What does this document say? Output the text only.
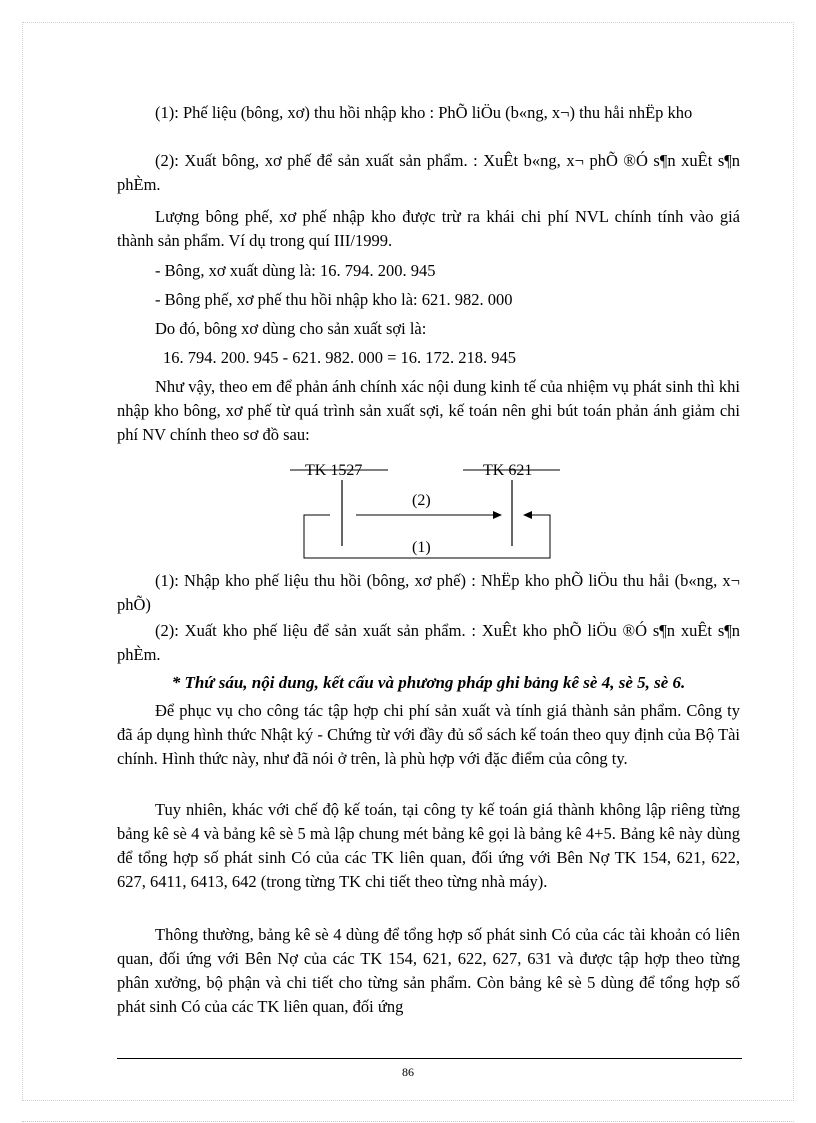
(1): Phế liệu (bông, xơ) thu hồi nhập kho : PhÕ liÖu (b«ng, x¬) thu håi nhËp kho
(2): Xuất bông, xơ phế để sản xuất sản phẩm. : XuÊt b«ng, x¬ phÕ ®Ó s¶n xuÊt s¶n phÈm.
Lượng bông phế, xơ phế nhập kho được trừ ra khái chi phí NVL chính tính vào giá thành sản phẩm. Ví dụ trong quí III/1999.
- Bông, xơ xuất dùng là: 16. 794. 200. 945
- Bông phế, xơ phế thu hồi nhập kho là: 621. 982. 000
Do đó, bông xơ dùng cho sản xuất sợi là:
16. 794. 200. 945 - 621. 982. 000 = 16. 172. 218. 945
Như vậy, theo em để phản ánh chính xác nội dung kinh tế của nhiệm vụ phát sinh thì khi nhập kho bông, xơ phế từ quá trình sản xuất sợi, kế toán nên ghi bút toán phản ánh giảm chi phí NV chính theo sơ đồ sau:
TK 1527	TK 621
(2)
(1)
(1): Nhập kho phế liệu thu hồi (bông, xơ phế) : NhËp kho phÕ liÖu thu håi (b«ng, x¬ phÕ)
(2): Xuất kho phế liệu để sản xuất sản phẩm. : XuÊt kho phÕ liÖu ®Ó s¶n xuÊt s¶n phÈm.
* Thứ sáu, nội dung, kết cấu và phương pháp ghi bảng kê sè 4, sè 5, sè 6.
Để phục vụ cho công tác tập hợp chi phí sản xuất và tính giá thành sản phẩm. Công ty đã áp dụng hình thức Nhật ký - Chứng từ với đầy đủ sổ sách kế toán theo quy định của Bộ Tài chính. Hình thức này, như đã nói ở trên, là phù hợp với đặc điểm của công ty.
Tuy nhiên, khác với chế độ kế toán, tại công ty kế toán giá thành không lập riêng từng bảng kê sè 4 và bảng kê sè 5 mà lập chung mét bảng kê gọi là bảng kê 4+5. Bảng kê này dùng để tổng hợp số phát sinh Có của các TK liên quan, đối ứng với Bên Nợ TK 154, 621, 622, 627, 6411, 6413, 642 (trong từng TK chi tiết theo từng nhà máy).
Thông thường, bảng kê sè 4 dùng để tổng hợp số phát sinh Có của các tài khoản có liên quan, đối ứng với Bên Nợ của các TK 154, 621, 622, 627, 631 và được tập hợp theo từng phân xưởng, bộ phận và chi tiết cho từng sản phẩm. Còn bảng kê sè 5 dùng để tổng hợp số phát sinh Có của các TK liên quan, đối ứng
86
